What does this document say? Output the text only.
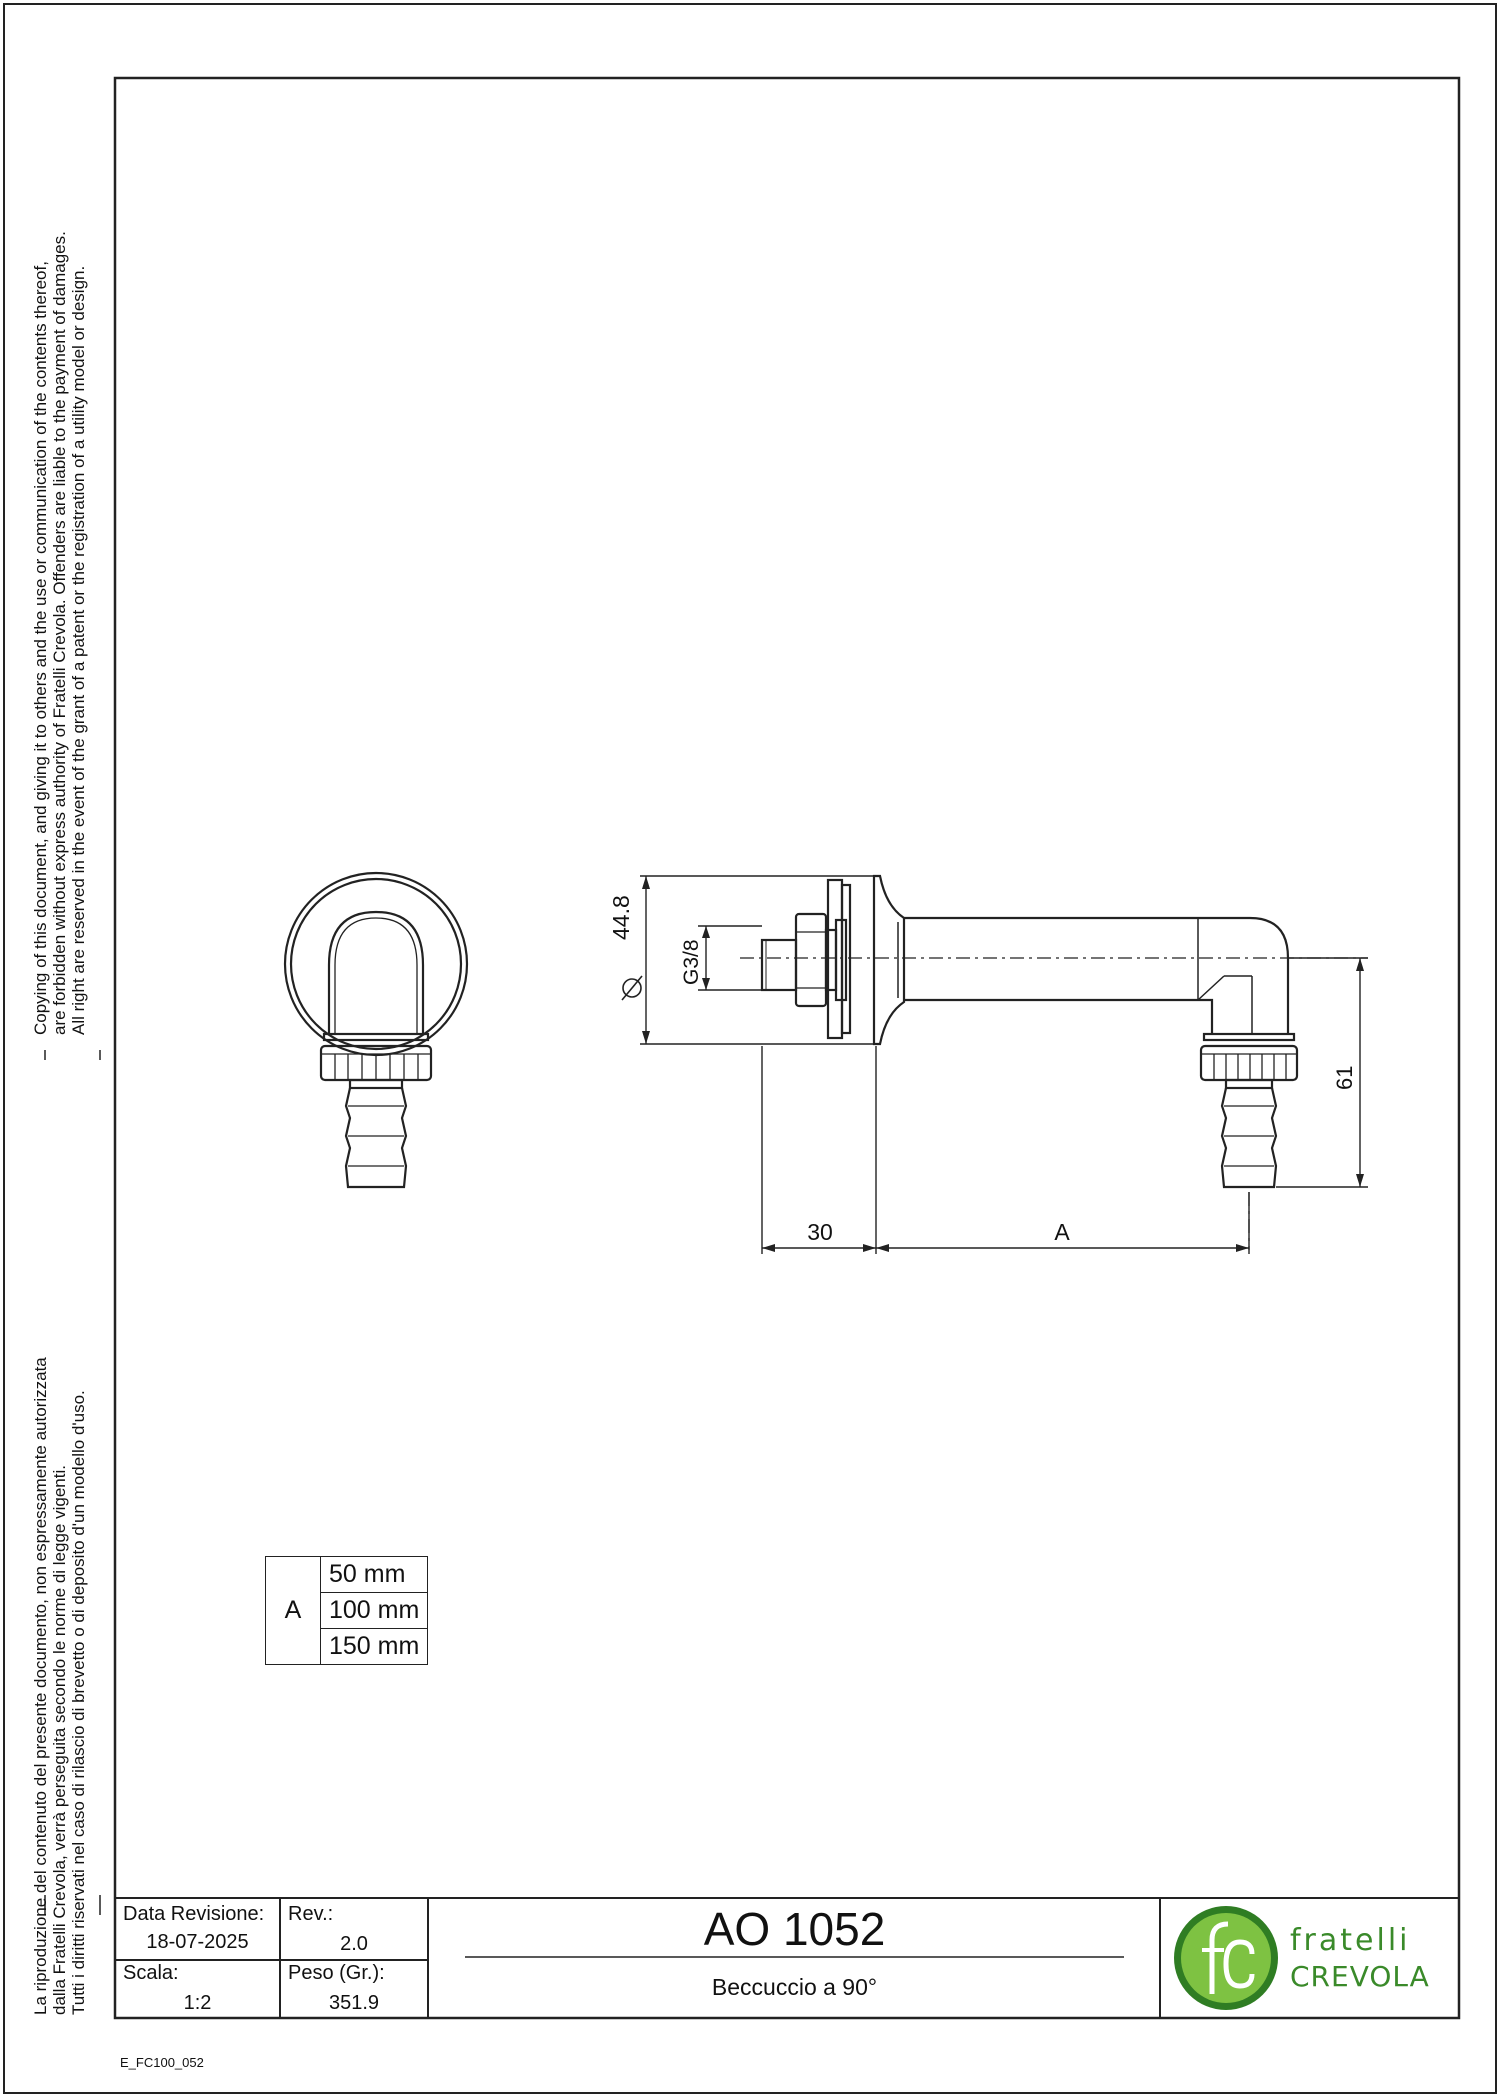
Copying of this document, and giving it to others and the use or communication of the contents thereof, are forbidden without express authority of Fratelli Crevola. Offenders are liable to the payment of damages. All right are reserved in the event of the grant of a patent or the registration of a utility model or design.
La riproduzione del contenuto del presente documento, non espressamente autorizzata dalla Fratelli Crevola, verrà perseguita secondo le norme di legge vigenti. Tutti i diritti riservati nel caso di rilascio di brevetto o di deposito d'un modello d'uso.
44.8
G3/8
61
30	A
A	50 mm
100 mm
150 mm
Data Revisione:
18-07-2025
Rev.:
2.0
Scala:
1:2
Peso (Gr.):
351.9
AO 1052
Beccuccio a 90°
fratelli
CREVOLA
E_FC100_052
